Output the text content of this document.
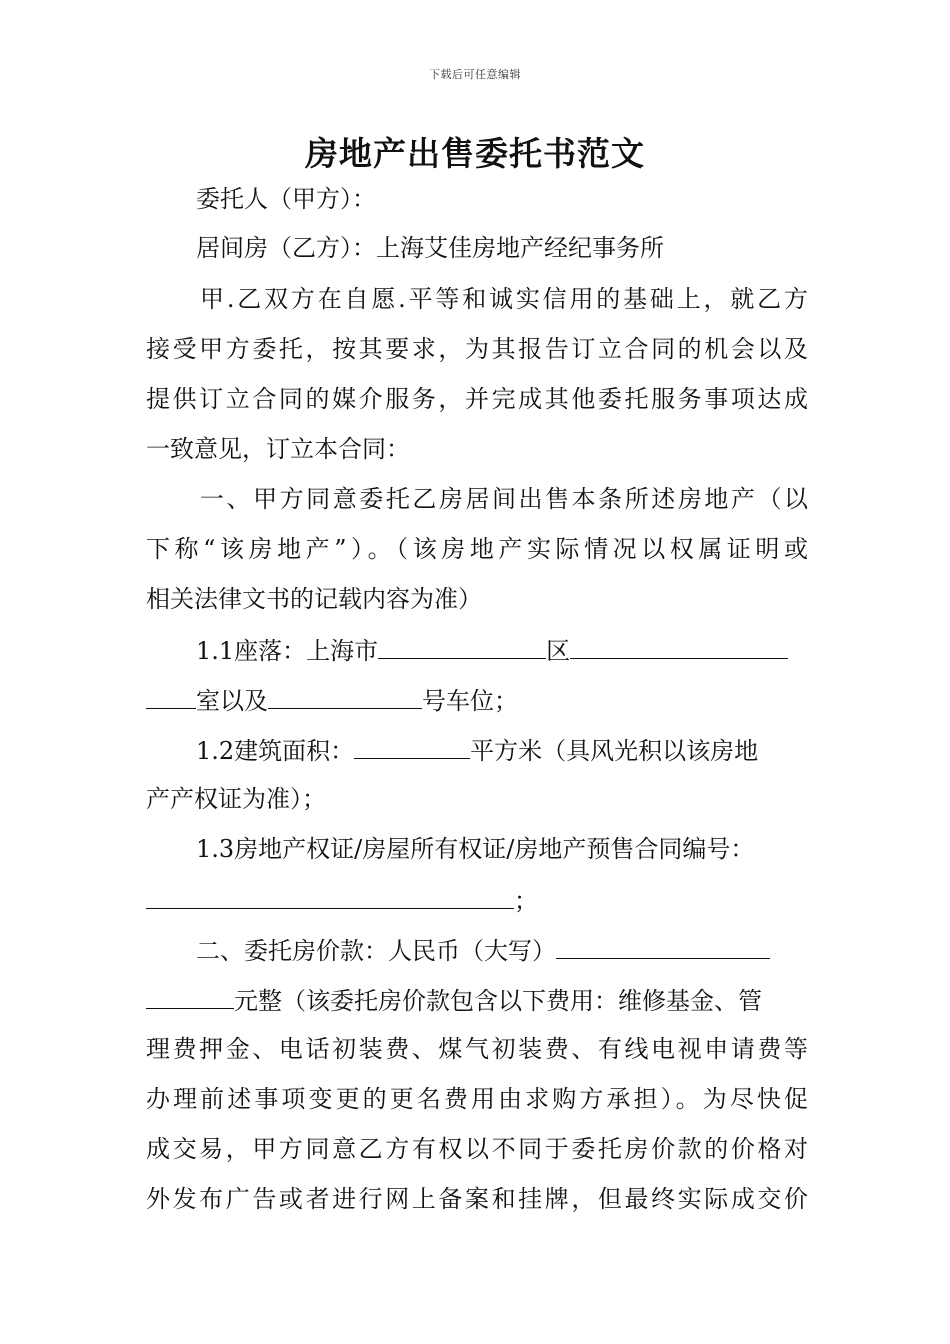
下载后可任意编辑
房地产出售委托书范文
委托人（甲方）：
居间房（乙方）：上海艾佳房地产经纪事务所
甲.乙双方在自愿.平等和诚实信用的基础上，就乙方
接受甲方委托，按其要求，为其报告订立合同的机会以及
提供订立合同的媒介服务，并完成其他委托服务事项达成
一致意见，订立本合同：
一、甲方同意委托乙房居间出售本条所述房地产（以
下称“该房地产”）。（该房地产实际情况以权属证明或
相关法律文书的记载内容为准）
1.1座落：上海市	区
室以及	号车位；
1.2建筑面积：	平方米（具风光积以该房地
产产权证为准）；
1.3房地产权证/房屋所有权证/房地产预售合同编号：
；
二、委托房价款：人民币（大写）
元整（该委托房价款包含以下费用：维修基金、管
理费押金、电话初装费、煤气初装费、有线电视申请费等
办理前述事项变更的更名费用由求购方承担）。为尽快促
成交易，甲方同意乙方有权以不同于委托房价款的价格对
外发布广告或者进行网上备案和挂牌，但最终实际成交价
